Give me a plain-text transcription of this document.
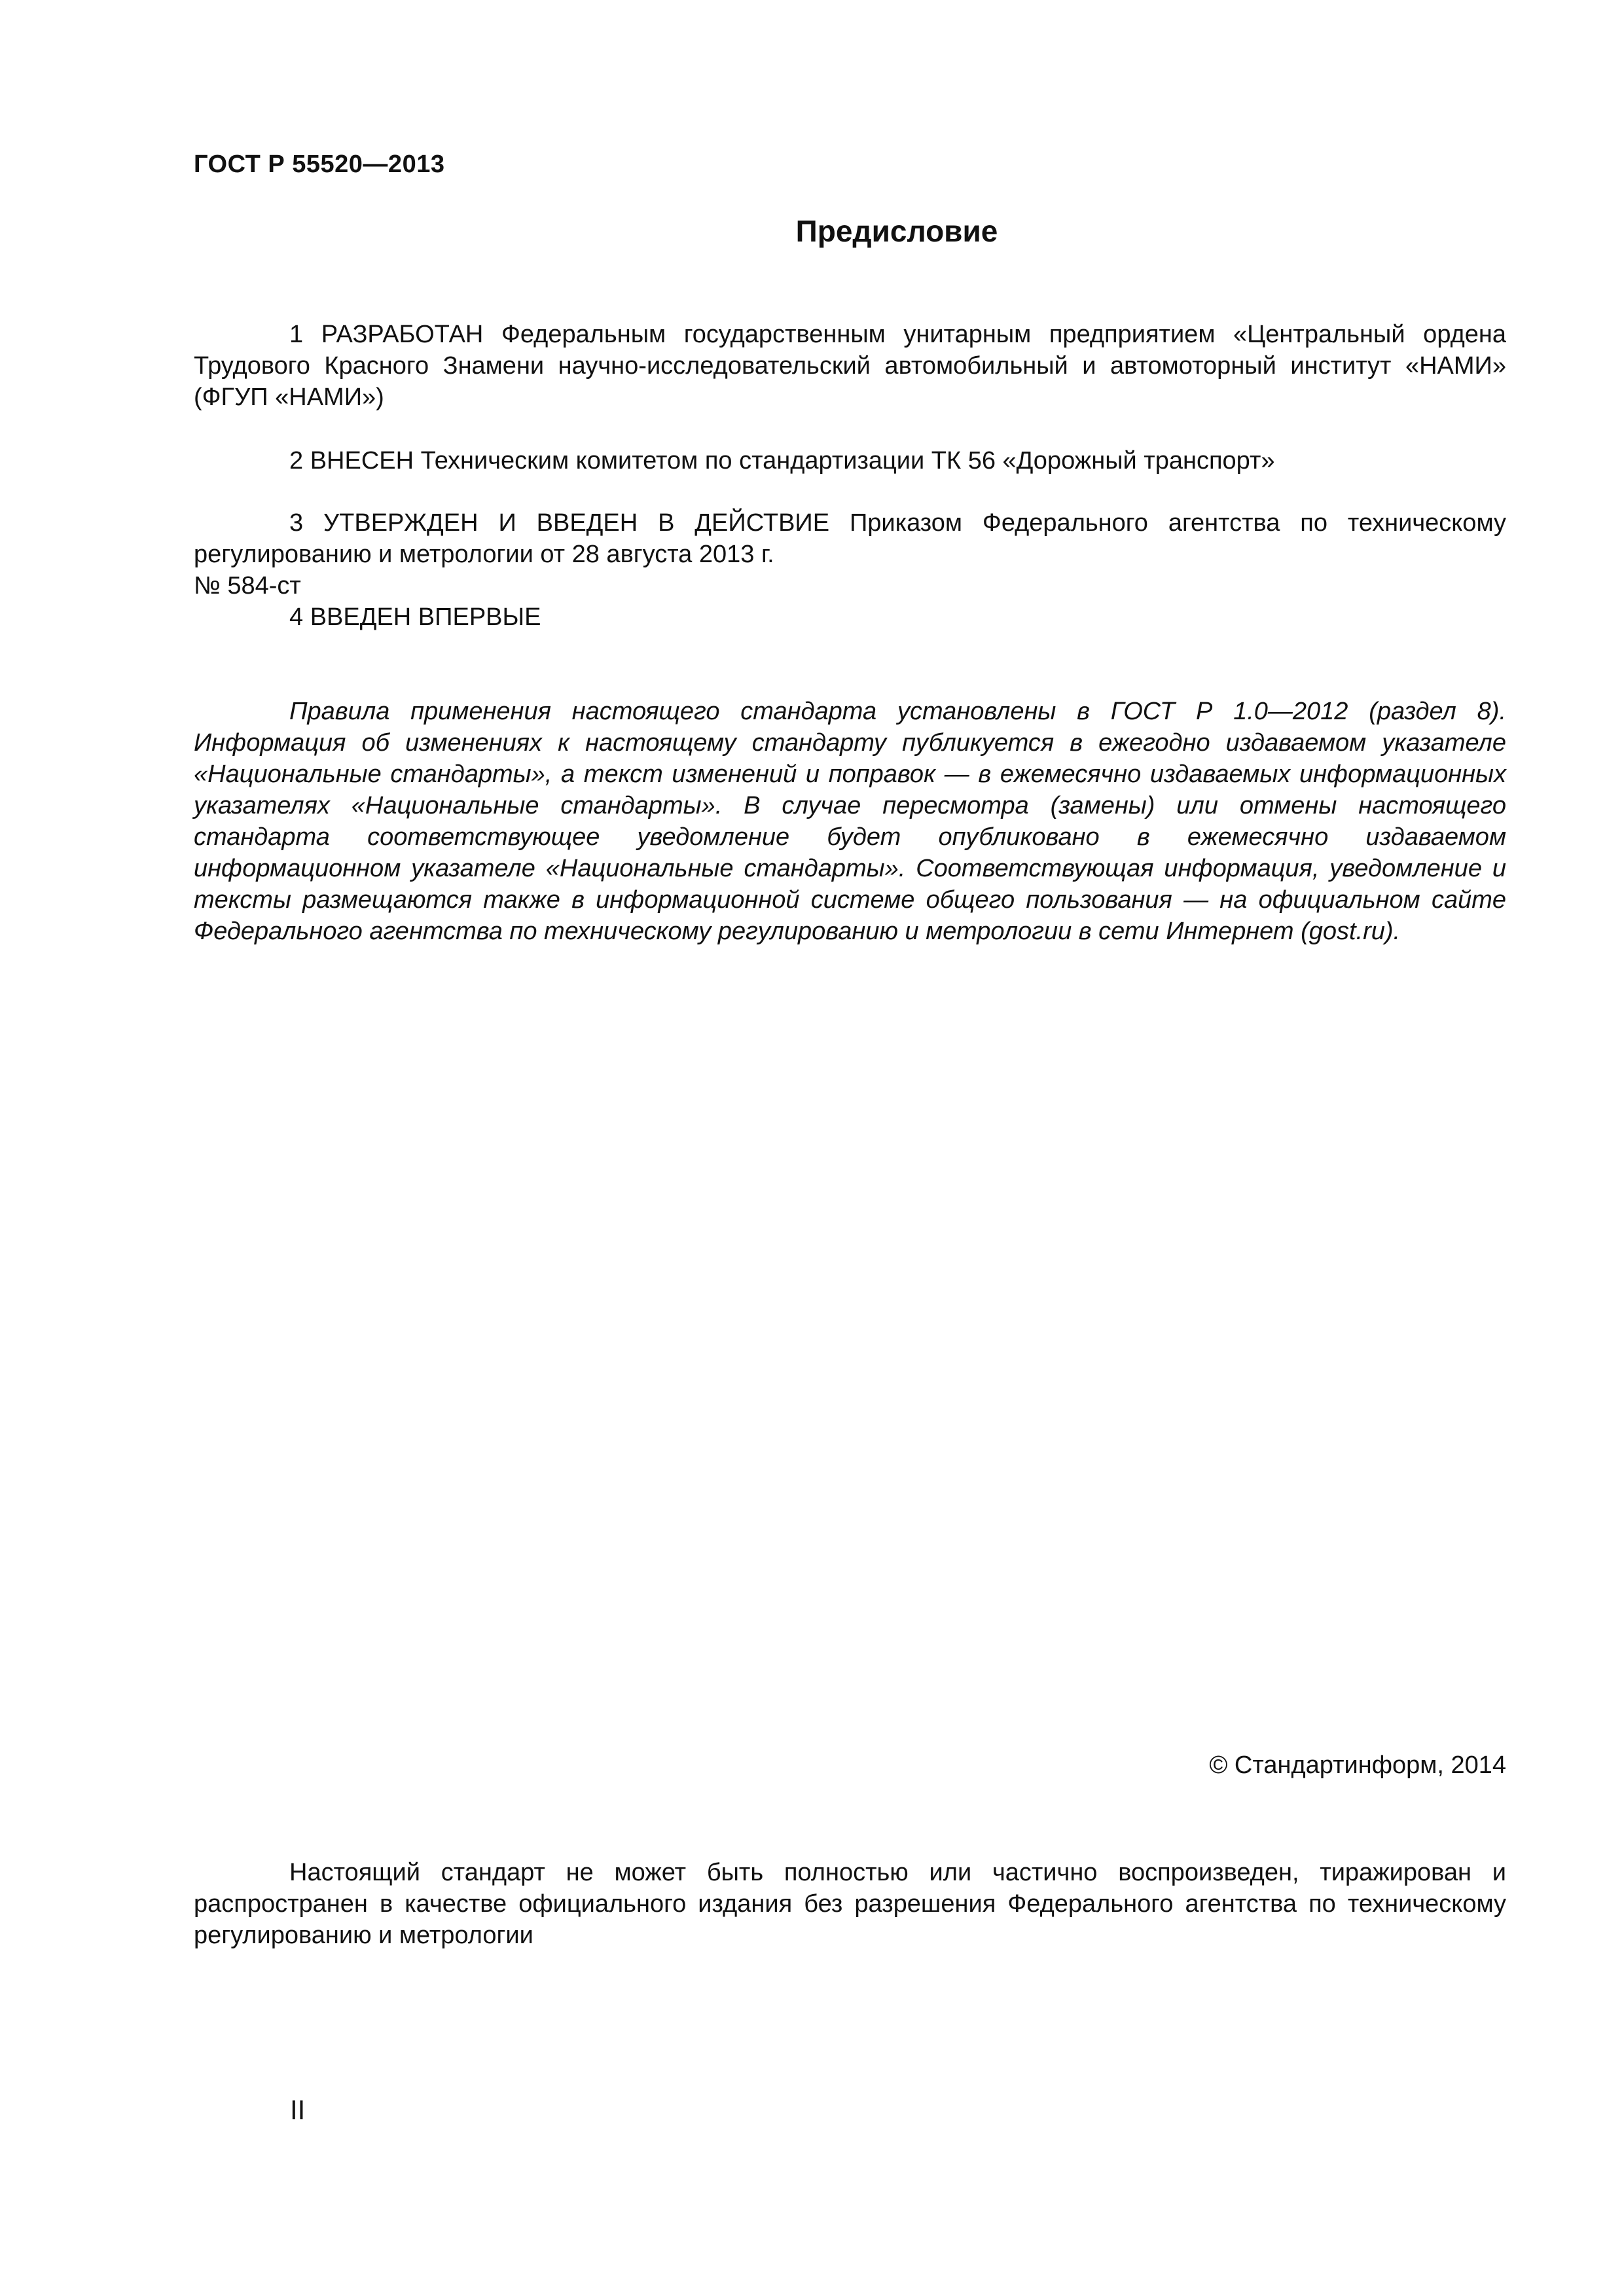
ГОСТ Р 55520—2013
Предисловие
1 РАЗРАБОТАН Федеральным государственным унитарным предприятием «Центральный ордена Трудового Красного Знамени научно-исследовательский автомобильный и автомоторный институт «НАМИ» (ФГУП «НАМИ»)
2 ВНЕСЕН Техническим комитетом по стандартизации ТК 56 «Дорожный транспорт»
3 УТВЕРЖДЕН И ВВЕДЕН В ДЕЙСТВИЕ Приказом Федерального агентства по техническому регулированию и метрологии от 28 августа 2013 г.
№ 584-ст
4 ВВЕДЕН ВПЕРВЫЕ
Правила применения настоящего стандарта установлены в ГОСТ Р 1.0—2012 (раздел 8). Информация об изменениях к настоящему стандарту публикуется в ежегодно издаваемом указателе «Национальные стандарты», а текст изменений и поправок — в ежемесячно издаваемых информационных указателях «Национальные стандарты». В случае пересмотра (замены) или отмены настоящего стандарта соответствующее уведомление будет опубликовано в ежемесячно издаваемом информационном указателе «Национальные стандарты». Соответствующая информация, уведомление и тексты размещаются также в информационной системе общего пользования — на официальном сайте Федерального агентства по техническому регулированию и метрологии в сети Интернет (gost.ru).
© Стандартинформ, 2014
Настоящий стандарт не может быть полностью или частично воспроизведен, тиражирован и распространен в качестве официального издания без разрешения Федерального агентства по техническому регулированию и метрологии
II
